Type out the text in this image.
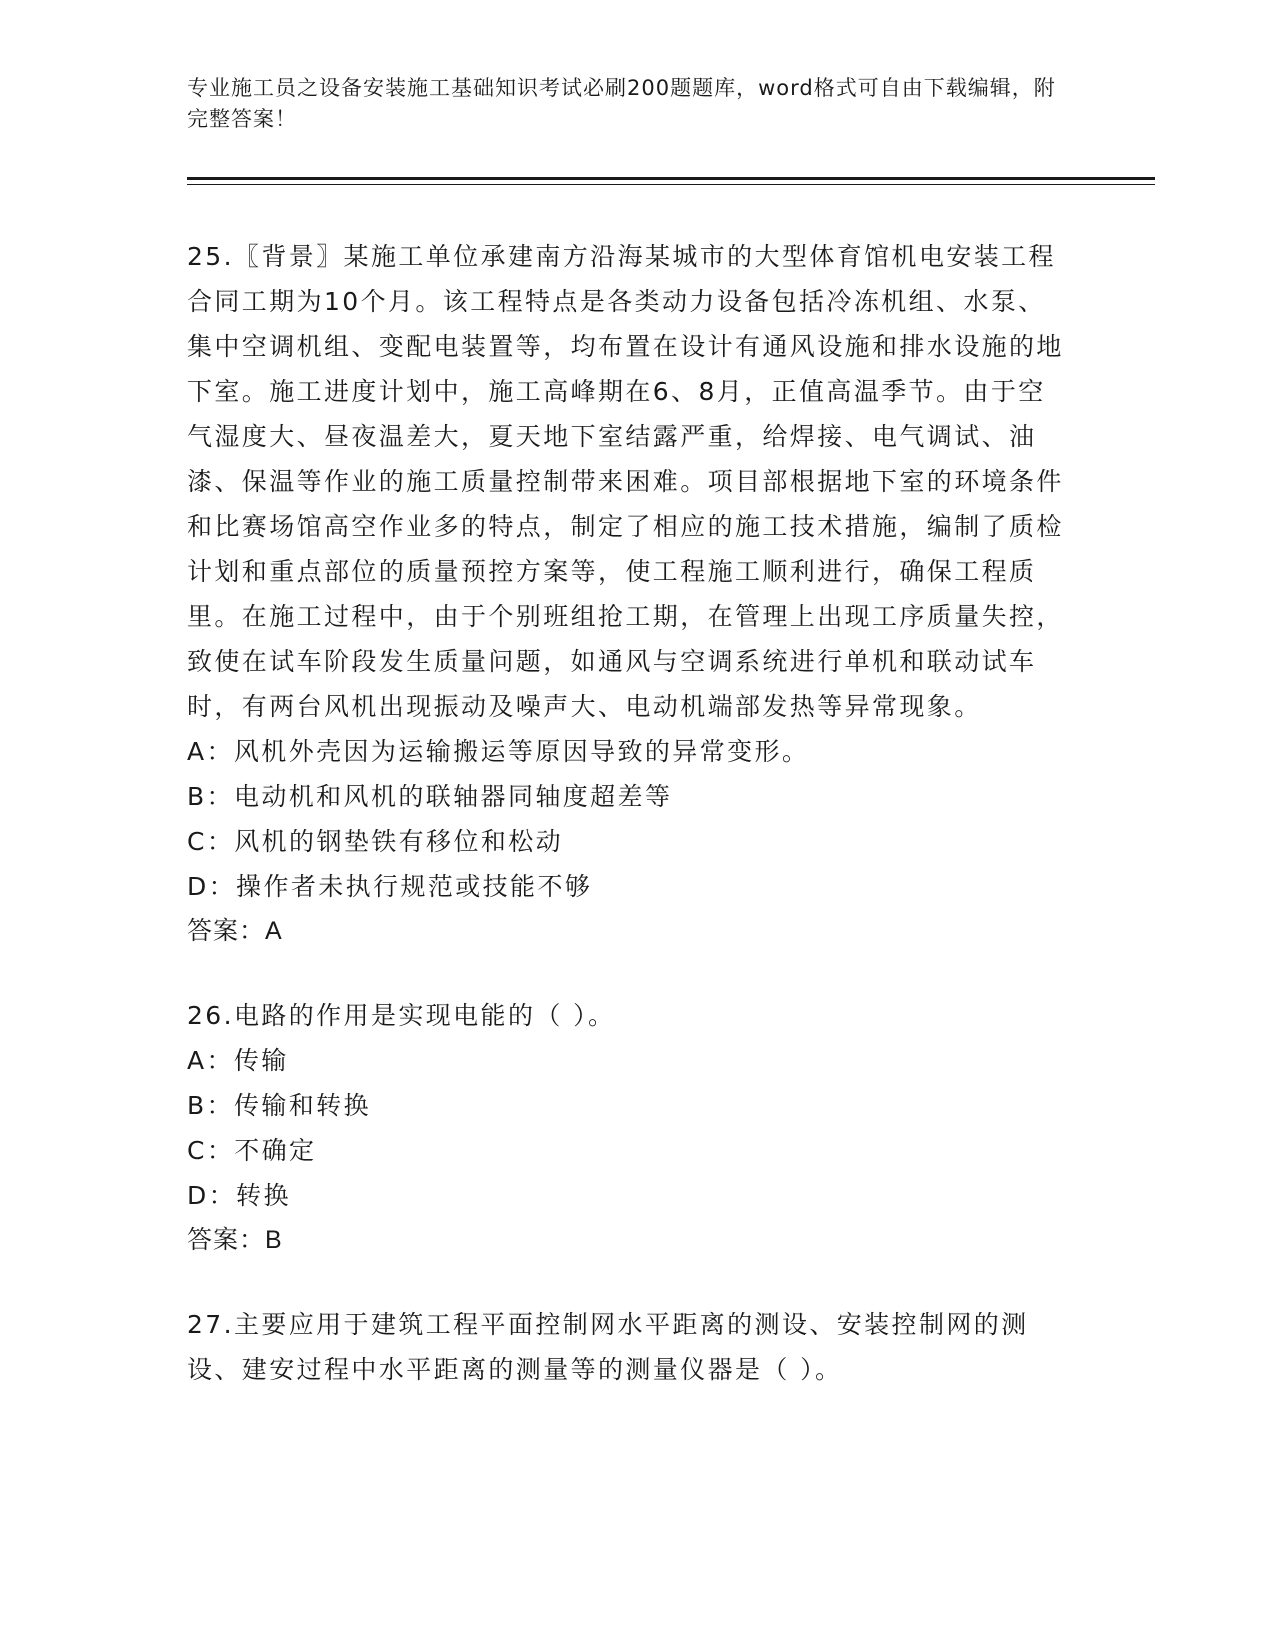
专业施工员之设备安装施工基础知识考试必刷200题题库，word格式可自由下载编辑，附完整答案！

25.〖背景〗某施工单位承建南方沿海某城市的大型体育馆机电安装工程合同工期为10个月。该工程特点是各类动力设备包括冷冻机组、水泵、集中空调机组、变配电装置等，均布置在设计有通风设施和排水设施的地下室。施工进度计划中，施工高峰期在6、8月，正值高温季节。由于空气湿度大、昼夜温差大，夏天地下室结露严重，给焊接、电气调试、油漆、保温等作业的施工质量控制带来困难。项目部根据地下室的环境条件和比赛场馆高空作业多的特点，制定了相应的施工技术措施，编制了质检计划和重点部位的质量预控方案等，使工程施工顺利进行，确保工程质里。在施工过程中，由于个别班组抢工期，在管理上出现工序质量失控，致使在试车阶段发生质量问题，如通风与空调系统进行单机和联动试车时，有两台风机出现振动及噪声大、电动机端部发热等异常现象。

A：风机外壳因为运输搬运等原因导致的异常变形。

B：电动机和风机的联轴器同轴度超差等

C：风机的钢垫铁有移位和松动

D：操作者未执行规范或技能不够

答案：A

26.电路的作用是实现电能的（ ）。

A：传输

B：传输和转换

C：不确定

D：转换

答案：B

27.主要应用于建筑工程平面控制网水平距离的测设、安装控制网的测设、建安过程中水平距离的测量等的测量仪器是（ ）。
